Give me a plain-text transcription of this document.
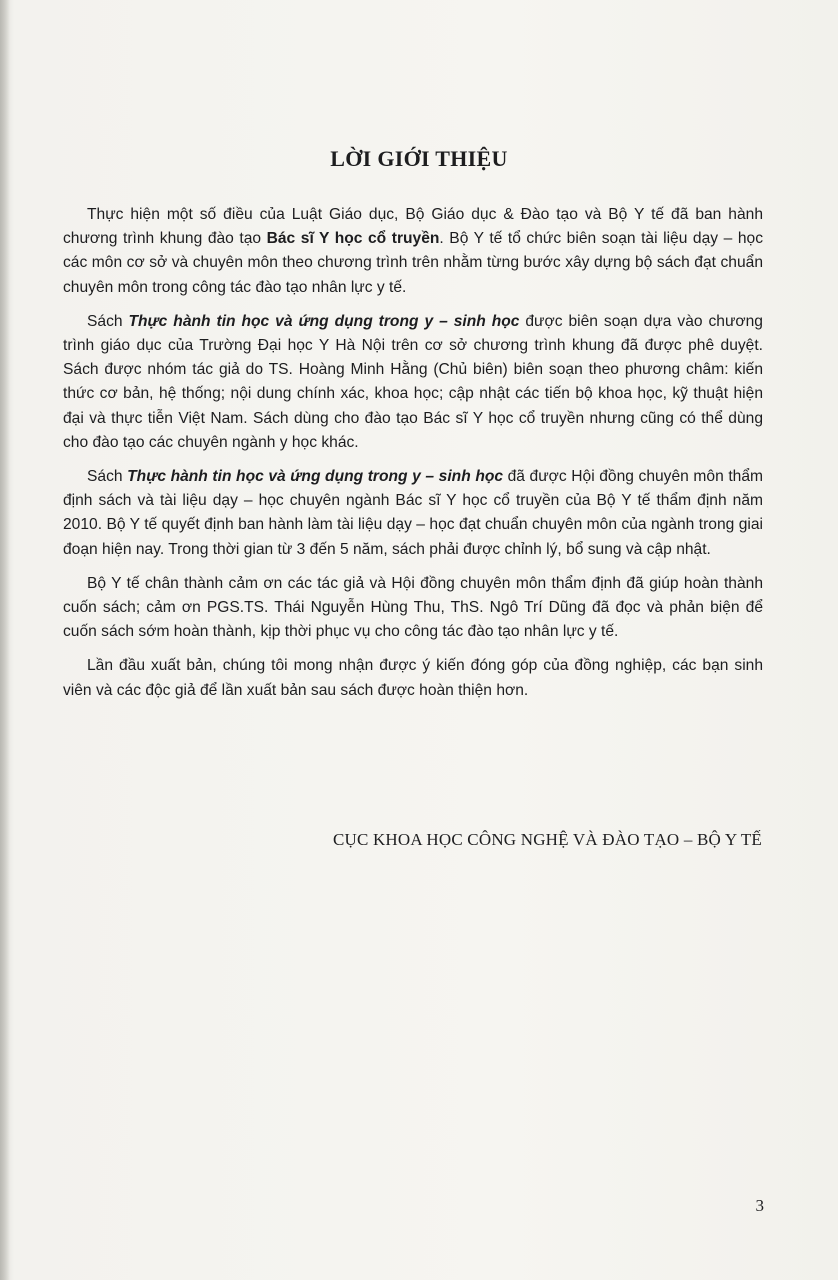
LỜI GIỚI THIỆU

Thực hiện một số điều của Luật Giáo dục, Bộ Giáo dục & Đào tạo và Bộ Y tế đã ban hành chương trình khung đào tạo Bác sĩ Y học cổ truyền. Bộ Y tế tổ chức biên soạn tài liệu dạy – học các môn cơ sở và chuyên môn theo chương trình trên nhằm từng bước xây dựng bộ sách đạt chuẩn chuyên môn trong công tác đào tạo nhân lực y tế.

Sách Thực hành tin học và ứng dụng trong y – sinh học được biên soạn dựa vào chương trình giáo dục của Trường Đại học Y Hà Nội trên cơ sở chương trình khung đã được phê duyệt. Sách được nhóm tác giả do TS. Hoàng Minh Hằng (Chủ biên) biên soạn theo phương châm: kiến thức cơ bản, hệ thống; nội dung chính xác, khoa học; cập nhật các tiến bộ khoa học, kỹ thuật hiện đại và thực tiễn Việt Nam. Sách dùng cho đào tạo Bác sĩ Y học cổ truyền nhưng cũng có thể dùng cho đào tạo các chuyên ngành y học khác.

Sách Thực hành tin học và ứng dụng trong y – sinh học đã được Hội đồng chuyên môn thẩm định sách và tài liệu dạy – học chuyên ngành Bác sĩ Y học cổ truyền của Bộ Y tế thẩm định năm 2010. Bộ Y tế quyết định ban hành làm tài liệu dạy – học đạt chuẩn chuyên môn của ngành trong giai đoạn hiện nay. Trong thời gian từ 3 đến 5 năm, sách phải được chỉnh lý, bổ sung và cập nhật.

Bộ Y tế chân thành cảm ơn các tác giả và Hội đồng chuyên môn thẩm định đã giúp hoàn thành cuốn sách; cảm ơn PGS.TS. Thái Nguyễn Hùng Thu, ThS. Ngô Trí Dũng đã đọc và phản biện để cuốn sách sớm hoàn thành, kịp thời phục vụ cho công tác đào tạo nhân lực y tế.

Lần đầu xuất bản, chúng tôi mong nhận được ý kiến đóng góp của đồng nghiệp, các bạn sinh viên và các độc giả để lần xuất bản sau sách được hoàn thiện hơn.

CỤC KHOA HỌC CÔNG NGHỆ VÀ ĐÀO TẠO – BỘ Y TẾ
3
